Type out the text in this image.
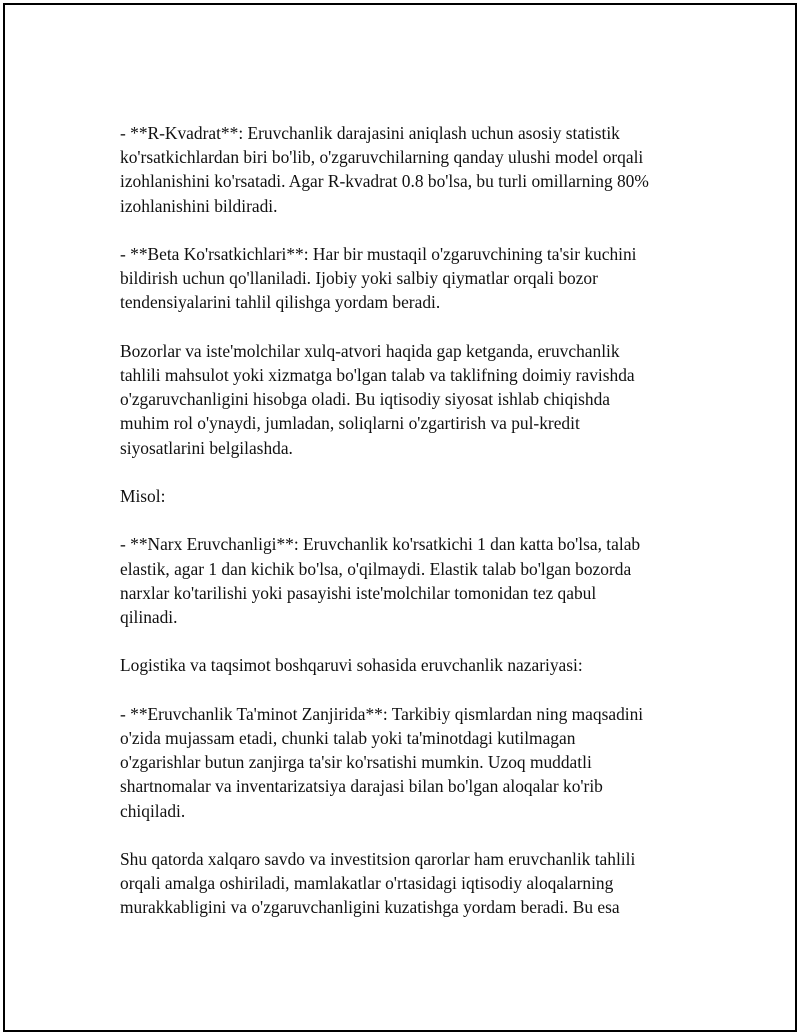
- **R-Kvadrat**: Eruvchanlik darajasini aniqlash uchun asosiy statistik
ko'rsatkichlardan biri bo'lib, o'zgaruvchilarning qanday ulushi model orqali
izohlanishini ko'rsatadi. Agar R-kvadrat 0.8 bo'lsa, bu turli omillarning 80%
izohlanishini bildiradi.

- **Beta Ko'rsatkichlari**: Har bir mustaqil o'zgaruvchining ta'sir kuchini
bildirish uchun qo'llaniladi. Ijobiy yoki salbiy qiymatlar orqali bozor
tendensiyalarini tahlil qilishga yordam beradi.

Bozorlar va iste'molchilar xulq-atvori haqida gap ketganda, eruvchanlik
tahlili mahsulot yoki xizmatga bo'lgan talab va taklifning doimiy ravishda
o'zgaruvchanligini hisobga oladi. Bu iqtisodiy siyosat ishlab chiqishda
muhim rol o'ynaydi, jumladan, soliqlarni o'zgartirish va pul-kredit
siyosatlarini belgilashda.

Misol:

- **Narx Eruvchanligi**: Eruvchanlik ko'rsatkichi 1 dan katta bo'lsa, talab
elastik, agar 1 dan kichik bo'lsa, o'qilmaydi. Elastik talab bo'lgan bozorda
narxlar ko'tarilishi yoki pasayishi iste'molchilar tomonidan tez qabul
qilinadi.

Logistika va taqsimot boshqaruvi sohasida eruvchanlik nazariyasi:

- **Eruvchanlik Ta'minot Zanjirida**: Tarkibiy qismlardan ning maqsadini
o'zida mujassam etadi, chunki talab yoki ta'minotdagi kutilmagan
o'zgarishlar butun zanjirga ta'sir ko'rsatishi mumkin. Uzoq muddatli
shartnomalar va inventarizatsiya darajasi bilan bo'lgan aloqalar ko'rib
chiqiladi.

Shu qatorda xalqaro savdo va investitsion qarorlar ham eruvchanlik tahlili
orqali amalga oshiriladi, mamlakatlar o'rtasidagi iqtisodiy aloqalarning
murakkabligini va o'zgaruvchanligini kuzatishga yordam beradi. Bu esa
